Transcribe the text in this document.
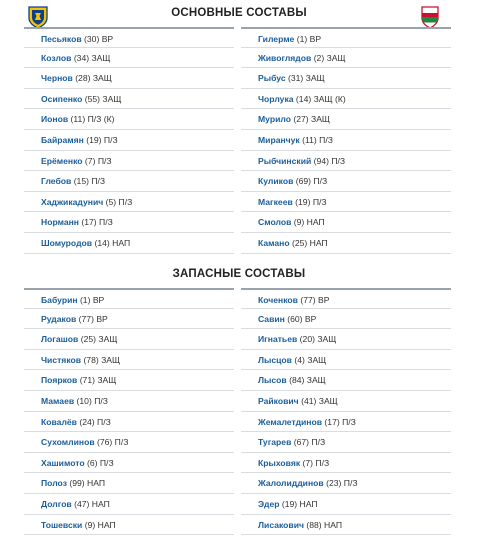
ОСНОВНЫЕ СОСТАВЫ
Песьяков (30) ВР
Козлов (34) ЗАЩ
Чернов (28) ЗАЩ
Осипенко (55) ЗАЩ
Ионов (11) П/З (К)
Байрамян (19) П/З
Ерёменко (7) П/З
Глебов (15) П/З
Хаджикадунич (5) П/З
Норманн (17) П/З
Шомуродов (14) НАП
Гилерме (1) ВР
Живоглядов (2) ЗАЩ
Рыбус (31) ЗАЩ
Чорлука (14) ЗАЩ (К)
Мурило (27) ЗАЩ
Миранчук (11) П/З
Рыбчинский (94) П/З
Куликов (69) П/З
Магкеев (19) П/З
Смолов (9) НАП
Камано (25) НАП
ЗАПАСНЫЕ СОСТАВЫ
Бабурин (1) ВР
Рудаков (77) ВР
Логашов (25) ЗАЩ
Чистяков (78) ЗАЩ
Поярков (71) ЗАЩ
Мамаев (10) П/З
Ковалёв (24) П/З
Сухомлинов (76) П/З
Хашимото (6) П/З
Полоз (99) НАП
Долгов (47) НАП
Тошевски (9) НАП
Коченков (77) ВР
Савин (60) ВР
Игнатьев (20) ЗАЩ
Лысцов (4) ЗАЩ
Лысов (84) ЗАЩ
Райкович (41) ЗАЩ
Жемалетдинов (17) П/З
Тугарев (67) П/З
Крыховяк (7) П/З
Жалолиддинов (23) П/З
Эдер (19) НАП
Лисакович (88) НАП
